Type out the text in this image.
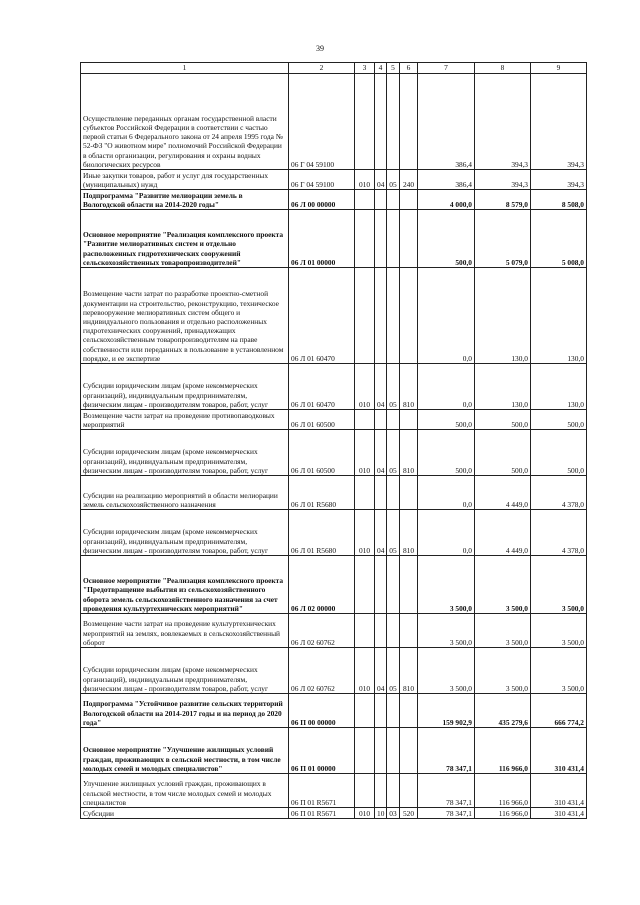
39
1	2	3	4	5	6	7	8	9
Осуществление переданных органам государственной власти субъектов Российской Федерации в соответствии с частью первой статьи 6 Федерального закона от 24 апреля 1995 года № 52-ФЗ "О животном мире" полномочий Российской Федерации в области организации, регулирования и охраны водных биологических ресурсов	06 Г 04 59100					386,4	394,3	394,3
Иные закупки товаров, работ и услуг для государственных (муниципальных) нужд	06 Г 04 59100	010	04	05	240	386,4	394,3	394,3
Подпрограмма "Развитие мелиорации земель в Вологодской области на 2014-2020 годы"	06 Л 00 00000					4 000,0	8 579,0	8 508,0
Основное мероприятие "Реализация комплексного проекта "Развитие мелиоративных систем и отдельно расположенных гидротехнических сооружений сельскохозяйственных товаропроизводителей"	06 Л 01 00000					500,0	5 079,0	5 008,0
Возмещение части затрат по разработке проектно-сметной документации на строительство, реконструкцию, техническое перевооружение мелиоративных систем общего и индивидуального пользования и отдельно расположенных гидротехнических сооружений, принадлежащих сельскохозяйственным товаропроизводителям на праве собственности или переданных в пользование в установленном порядке, и ее экспертизе	06 Л 01 60470					0,0	130,0	130,0
Субсидии юридическим лицам (кроме некоммерческих организаций), индивидуальным предпринимателям, физическим лицам - производителям товаров, работ, услуг	06 Л 01 60470	010	04	05	810	0,0	130,0	130,0
Возмещение части затрат на проведение противопаводковых мероприятий	06 Л 01 60500					500,0	500,0	500,0
Субсидии юридическим лицам (кроме некоммерческих организаций), индивидуальным предпринимателям, физическим лицам - производителям товаров, работ, услуг	06 Л 01 60500	010	04	05	810	500,0	500,0	500,0
Субсидии на реализацию мероприятий в области мелиорации земель сельскохозяйственного назначения	06 Л 01 R5680					0,0	4 449,0	4 378,0
Субсидии юридическим лицам (кроме некоммерческих организаций), индивидуальным предпринимателям, физическим лицам - производителям товаров, работ, услуг	06 Л 01 R5680	010	04	05	810	0,0	4 449,0	4 378,0
Основное мероприятие "Реализация комплексного проекта "Предотвращение выбытия из сельскохозяйственного оборота земель сельскохозяйственного назначения за счет проведения культуртехнических мероприятий"	06 Л 02 00000					3 500,0	3 500,0	3 500,0
Возмещение части затрат на проведение культуртехнических мероприятий на землях, вовлекаемых в сельскохозяйственный оборот	06 Л 02 60762					3 500,0	3 500,0	3 500,0
Субсидии юридическим лицам (кроме некоммерческих организаций), индивидуальным предпринимателям, физическим лицам - производителям товаров, работ, услуг	06 Л 02 60762	010	04	05	810	3 500,0	3 500,0	3 500,0
Подпрограмма "Устойчивое развитие сельских территорий Вологодской области на 2014-2017 годы и на период до 2020 года"	06 П 00 00000					159 902,9	435 279,6	666 774,2
Основное мероприятие "Улучшение жилищных условий граждан, проживающих в сельской местности, в том числе молодых семей и молодых специалистов"	06 П 01 00000					78 347,1	116 966,0	310 431,4
Улучшение жилищных условий граждан, проживающих в сельской местности, в том числе молодых семей и молодых специалистов	06 П 01 R5671					78 347,1	116 966,0	310 431,4
Субсидии	06 П 01 R5671	010	10	03	520	78 347,1	116 966,0	310 431,4
